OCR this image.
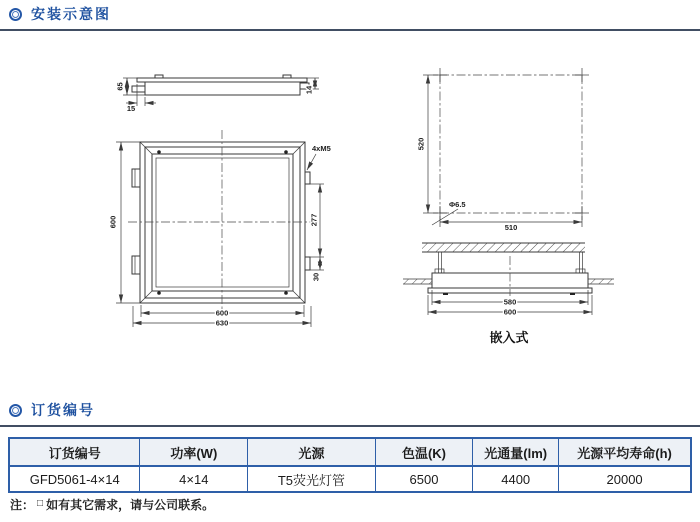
安装示意图
65
15
14
4xM5
277
30
600
600
630
520
510
Φ6.5
580
600
嵌入式
订货编号
订货编号	功率(W)	光源	色温(K)	光通量(lm)	光源平均寿命(h)
GFD5061-4×14	4×14	T5荧光灯管	6500	4400	20000
注： □ 如有其它需求，请与公司联系。
